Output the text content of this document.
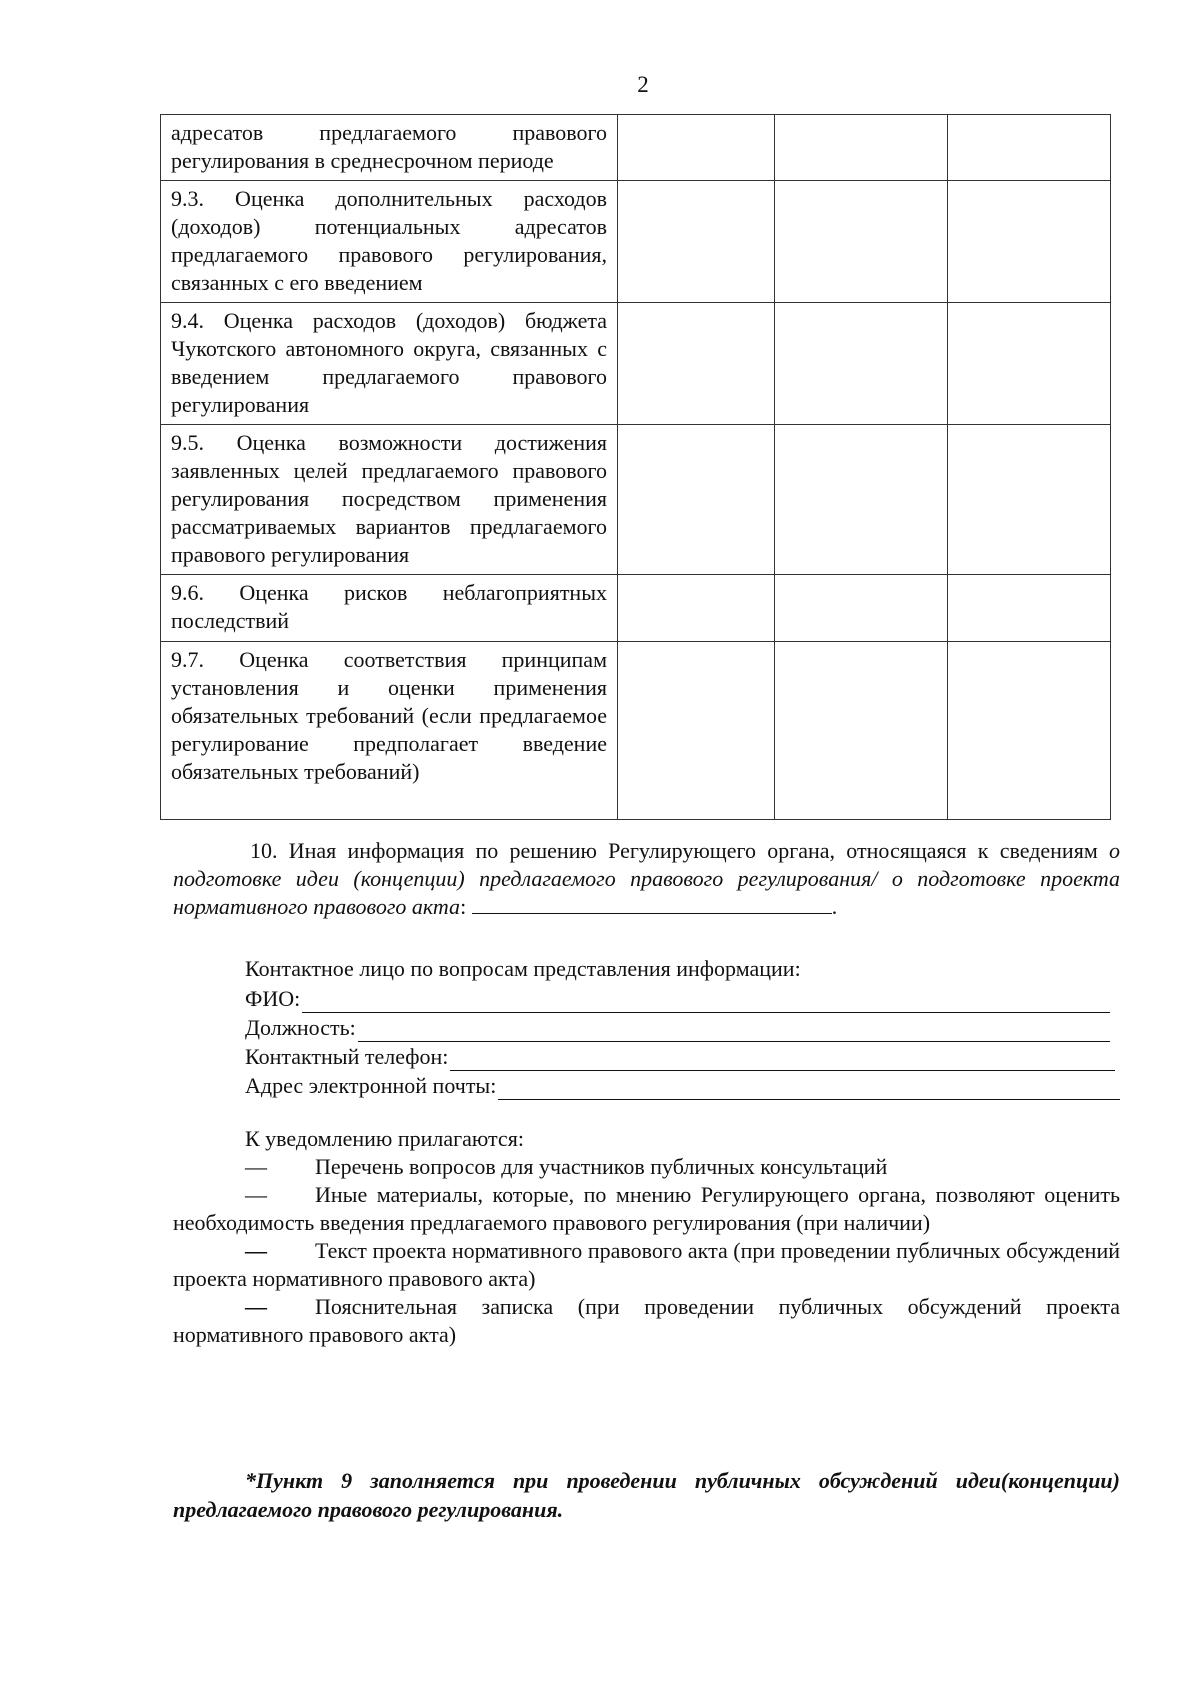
2
адресатов предлагаемого правового регулирования в среднесрочном периоде			
9.3. Оценка дополнительных расходов (доходов) потенциальных адресатов предлагаемого правового регулирования, связанных с его введением			
9.4. Оценка расходов (доходов) бюджета Чукотского автономного округа, связанных с введением предлагаемого правового регулирования			
9.5. Оценка возможности достижения заявленных целей предлагаемого правового регулирования посредством применения рассматриваемых вариантов предлагаемого правового регулирования			
9.6. Оценка рисков неблагоприятных последствий			
9.7. Оценка соответствия принципам установления и оценки применения обязательных требований (если предлагаемое регулирование предполагает введение обязательных требований)			
10. Иная информация по решению Регулирующего органа, относящаяся к сведениям о подготовке идеи (концепции) предлагаемого правового регулирования/ о подготовке проекта нормативного правового акта:	.
Контактное лицо по вопросам представления информации:
ФИО:
Должность:
Контактный телефон:
Адрес электронной почты:
К уведомлению прилагаются:
— Перечень вопросов для участников публичных консультаций
— Иные материалы, которые, по мнению Регулирующего органа, позволяют оценить необходимость введения предлагаемого правового регулирования (при наличии)
— Текст проекта нормативного правового акта (при проведении публичных обсуждений проекта нормативного правового акта)
— Пояснительная записка (при проведении публичных обсуждений проекта нормативного правового акта)
*Пункт 9 заполняется при проведении публичных обсуждений идеи(концепции) предлагаемого правового регулирования.
